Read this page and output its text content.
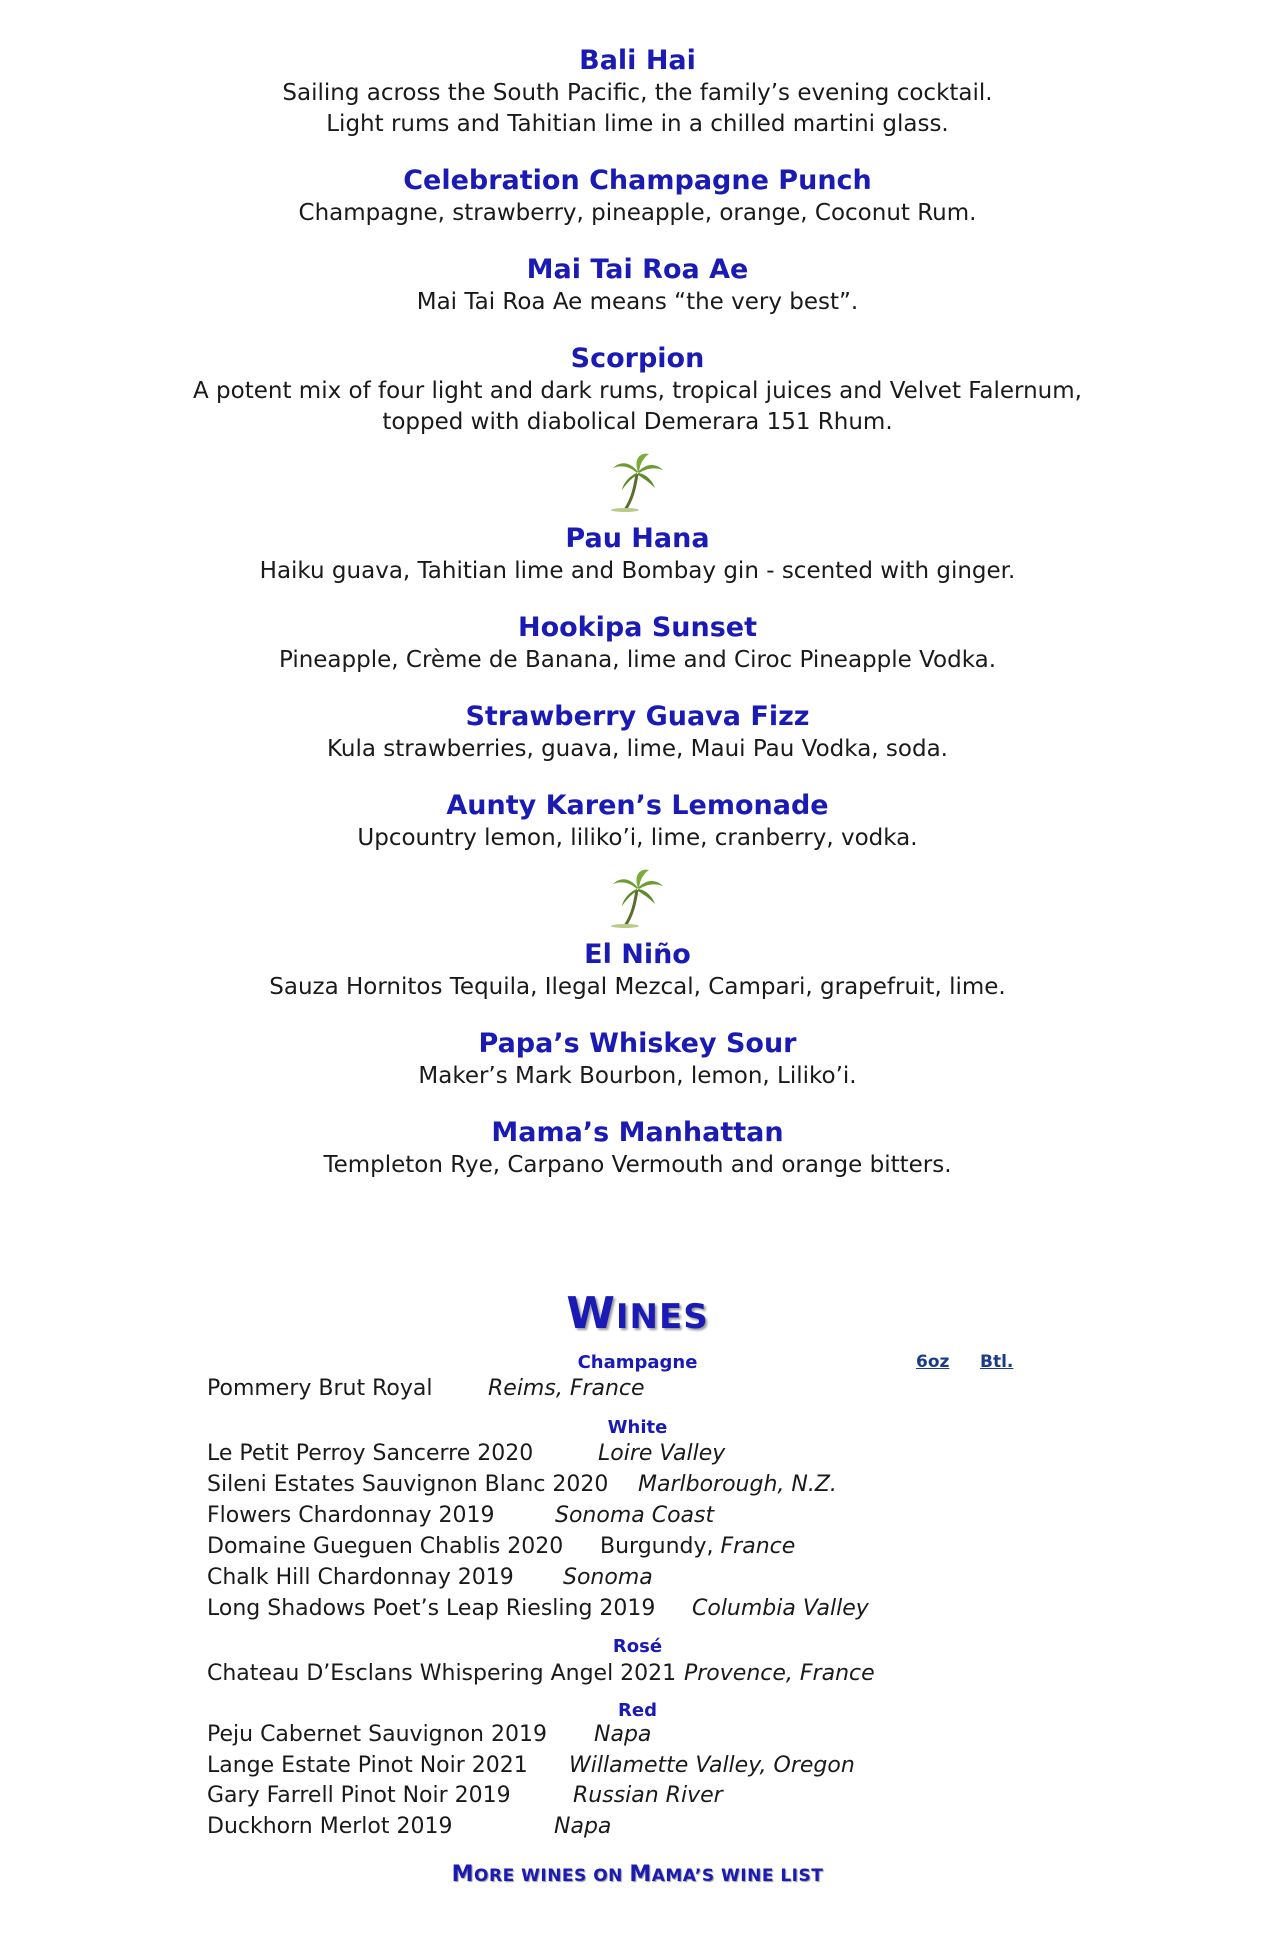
Bali Hai
Sailing across the South Pacific, the family’s evening cocktail.
Light rums and Tahitian lime in a chilled martini glass.
Celebration Champagne Punch
Champagne, strawberry, pineapple, orange, Coconut Rum.
Mai Tai Roa Ae
Mai Tai Roa Ae means “the very best”.
Scorpion
A potent mix of four light and dark rums, tropical juices and Velvet Falernum,
topped with diabolical Demerara 151 Rhum.
Pau Hana
Haiku guava, Tahitian lime and Bombay gin - scented with ginger.
Hookipa Sunset
Pineapple, Crème de Banana, lime and Ciroc Pineapple Vodka.
Strawberry Guava Fizz
Kula strawberries, guava, lime, Maui Pau Vodka, soda.
Aunty Karen’s Lemonade
Upcountry lemon, liliko’i, lime, cranberry, vodka.
El Niño
Sauza Hornitos Tequila, Ilegal Mezcal, Campari, grapefruit, lime.
Papa’s Whiskey Sour
Maker’s Mark Bourbon, lemon, Liliko’i.
Mama’s Manhattan
Templeton Rye, Carpano Vermouth and orange bitters.
WINES
Champagne	6oz Btl.
Pommery Brut Royal	Reims, France
White
Le Petit Perroy Sancerre 2020	Loire Valley
Sileni Estates Sauvignon Blanc 2020 Marlborough, N.Z.
Flowers Chardonnay 2019	Sonoma Coast
Domaine Gueguen Chablis 2020 Burgundy, France
Chalk Hill Chardonnay 2019 Sonoma
Long Shadows Poet’s Leap Riesling 2019 Columbia Valley
Rosé
Chateau D’Esclans Whispering Angel 2021 Provence, France
Red
Peju Cabernet Sauvignon 2019 Napa
Lange Estate Pinot Noir 2021 Willamette Valley, Oregon
Gary Farrell Pinot Noir 2019	Russian River
Duckhorn Merlot 2019	Napa
MORE WINES ON MAMA’S WINE LIST
